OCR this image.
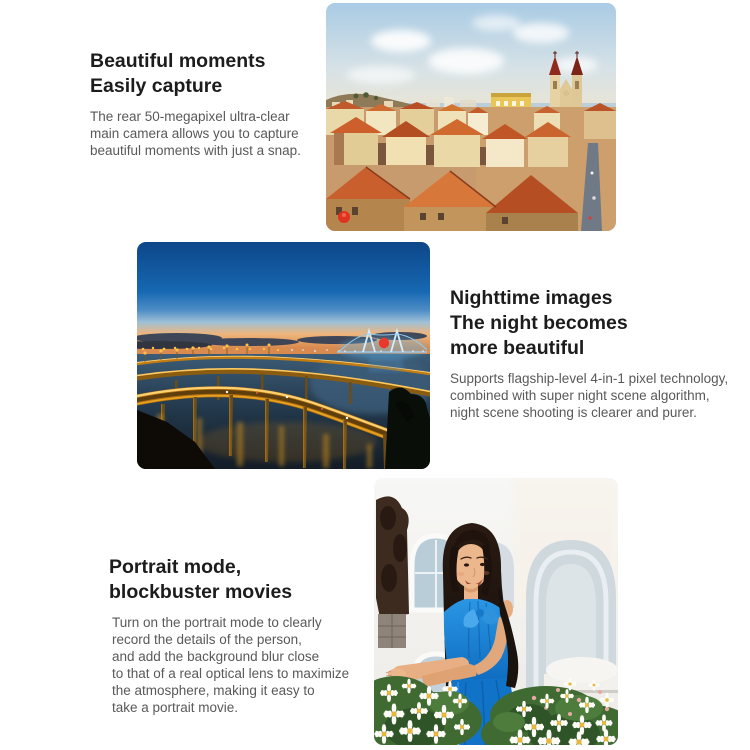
Beautiful moments
Easily capture

The rear 50-megapixel ultra-clear
main camera allows you to capture
beautiful moments with just a snap.

Nighttime images
The night becomes
more beautiful

Supports flagship-level 4-in-1 pixel technology,
combined with super night scene algorithm,
night scene shooting is clearer and purer.

Portrait mode,
blockbuster movies

Turn on the portrait mode to clearly
record the details of the person,
and add the background blur close
to that of a real optical lens to maximize
the atmosphere, making it easy to
take a portrait movie.
